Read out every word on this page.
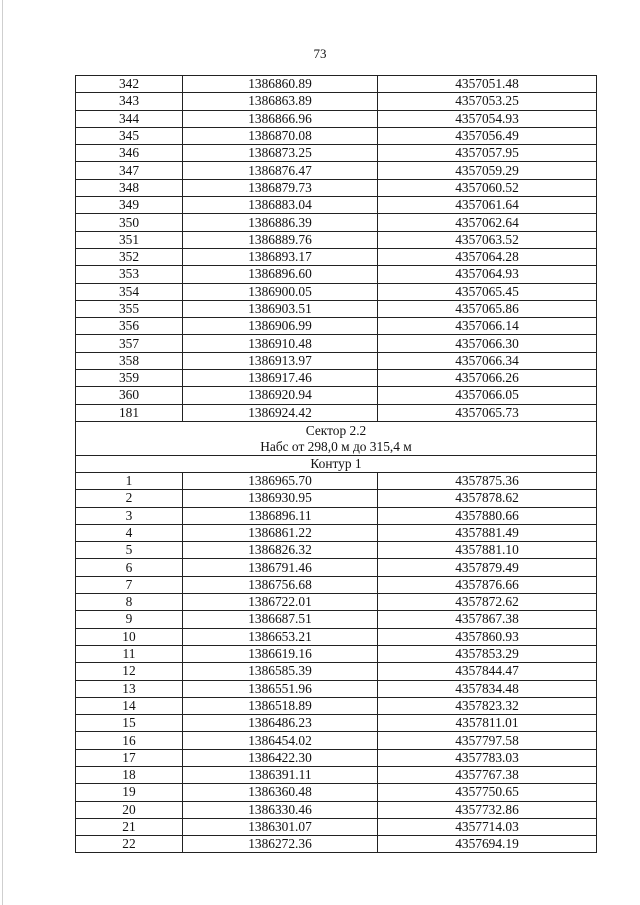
73
342	1386860.89	4357051.48
343	1386863.89	4357053.25
344	1386866.96	4357054.93
345	1386870.08	4357056.49
346	1386873.25	4357057.95
347	1386876.47	4357059.29
348	1386879.73	4357060.52
349	1386883.04	4357061.64
350	1386886.39	4357062.64
351	1386889.76	4357063.52
352	1386893.17	4357064.28
353	1386896.60	4357064.93
354	1386900.05	4357065.45
355	1386903.51	4357065.86
356	1386906.99	4357066.14
357	1386910.48	4357066.30
358	1386913.97	4357066.34
359	1386917.46	4357066.26
360	1386920.94	4357066.05
181	1386924.42	4357065.73

Сектор 2.2
Набс от 298,0 м до 315,4 м		

Контур 1		
1	1386965.70	4357875.36
2	1386930.95	4357878.62
3	1386896.11	4357880.66
4	1386861.22	4357881.49
5	1386826.32	4357881.10
6	1386791.46	4357879.49
7	1386756.68	4357876.66
8	1386722.01	4357872.62
9	1386687.51	4357867.38
10	1386653.21	4357860.93
11	1386619.16	4357853.29
12	1386585.39	4357844.47
13	1386551.96	4357834.48
14	1386518.89	4357823.32
15	1386486.23	4357811.01
16	1386454.02	4357797.58
17	1386422.30	4357783.03
18	1386391.11	4357767.38
19	1386360.48	4357750.65
20	1386330.46	4357732.86
21	1386301.07	4357714.03
22	1386272.36	4357694.19
